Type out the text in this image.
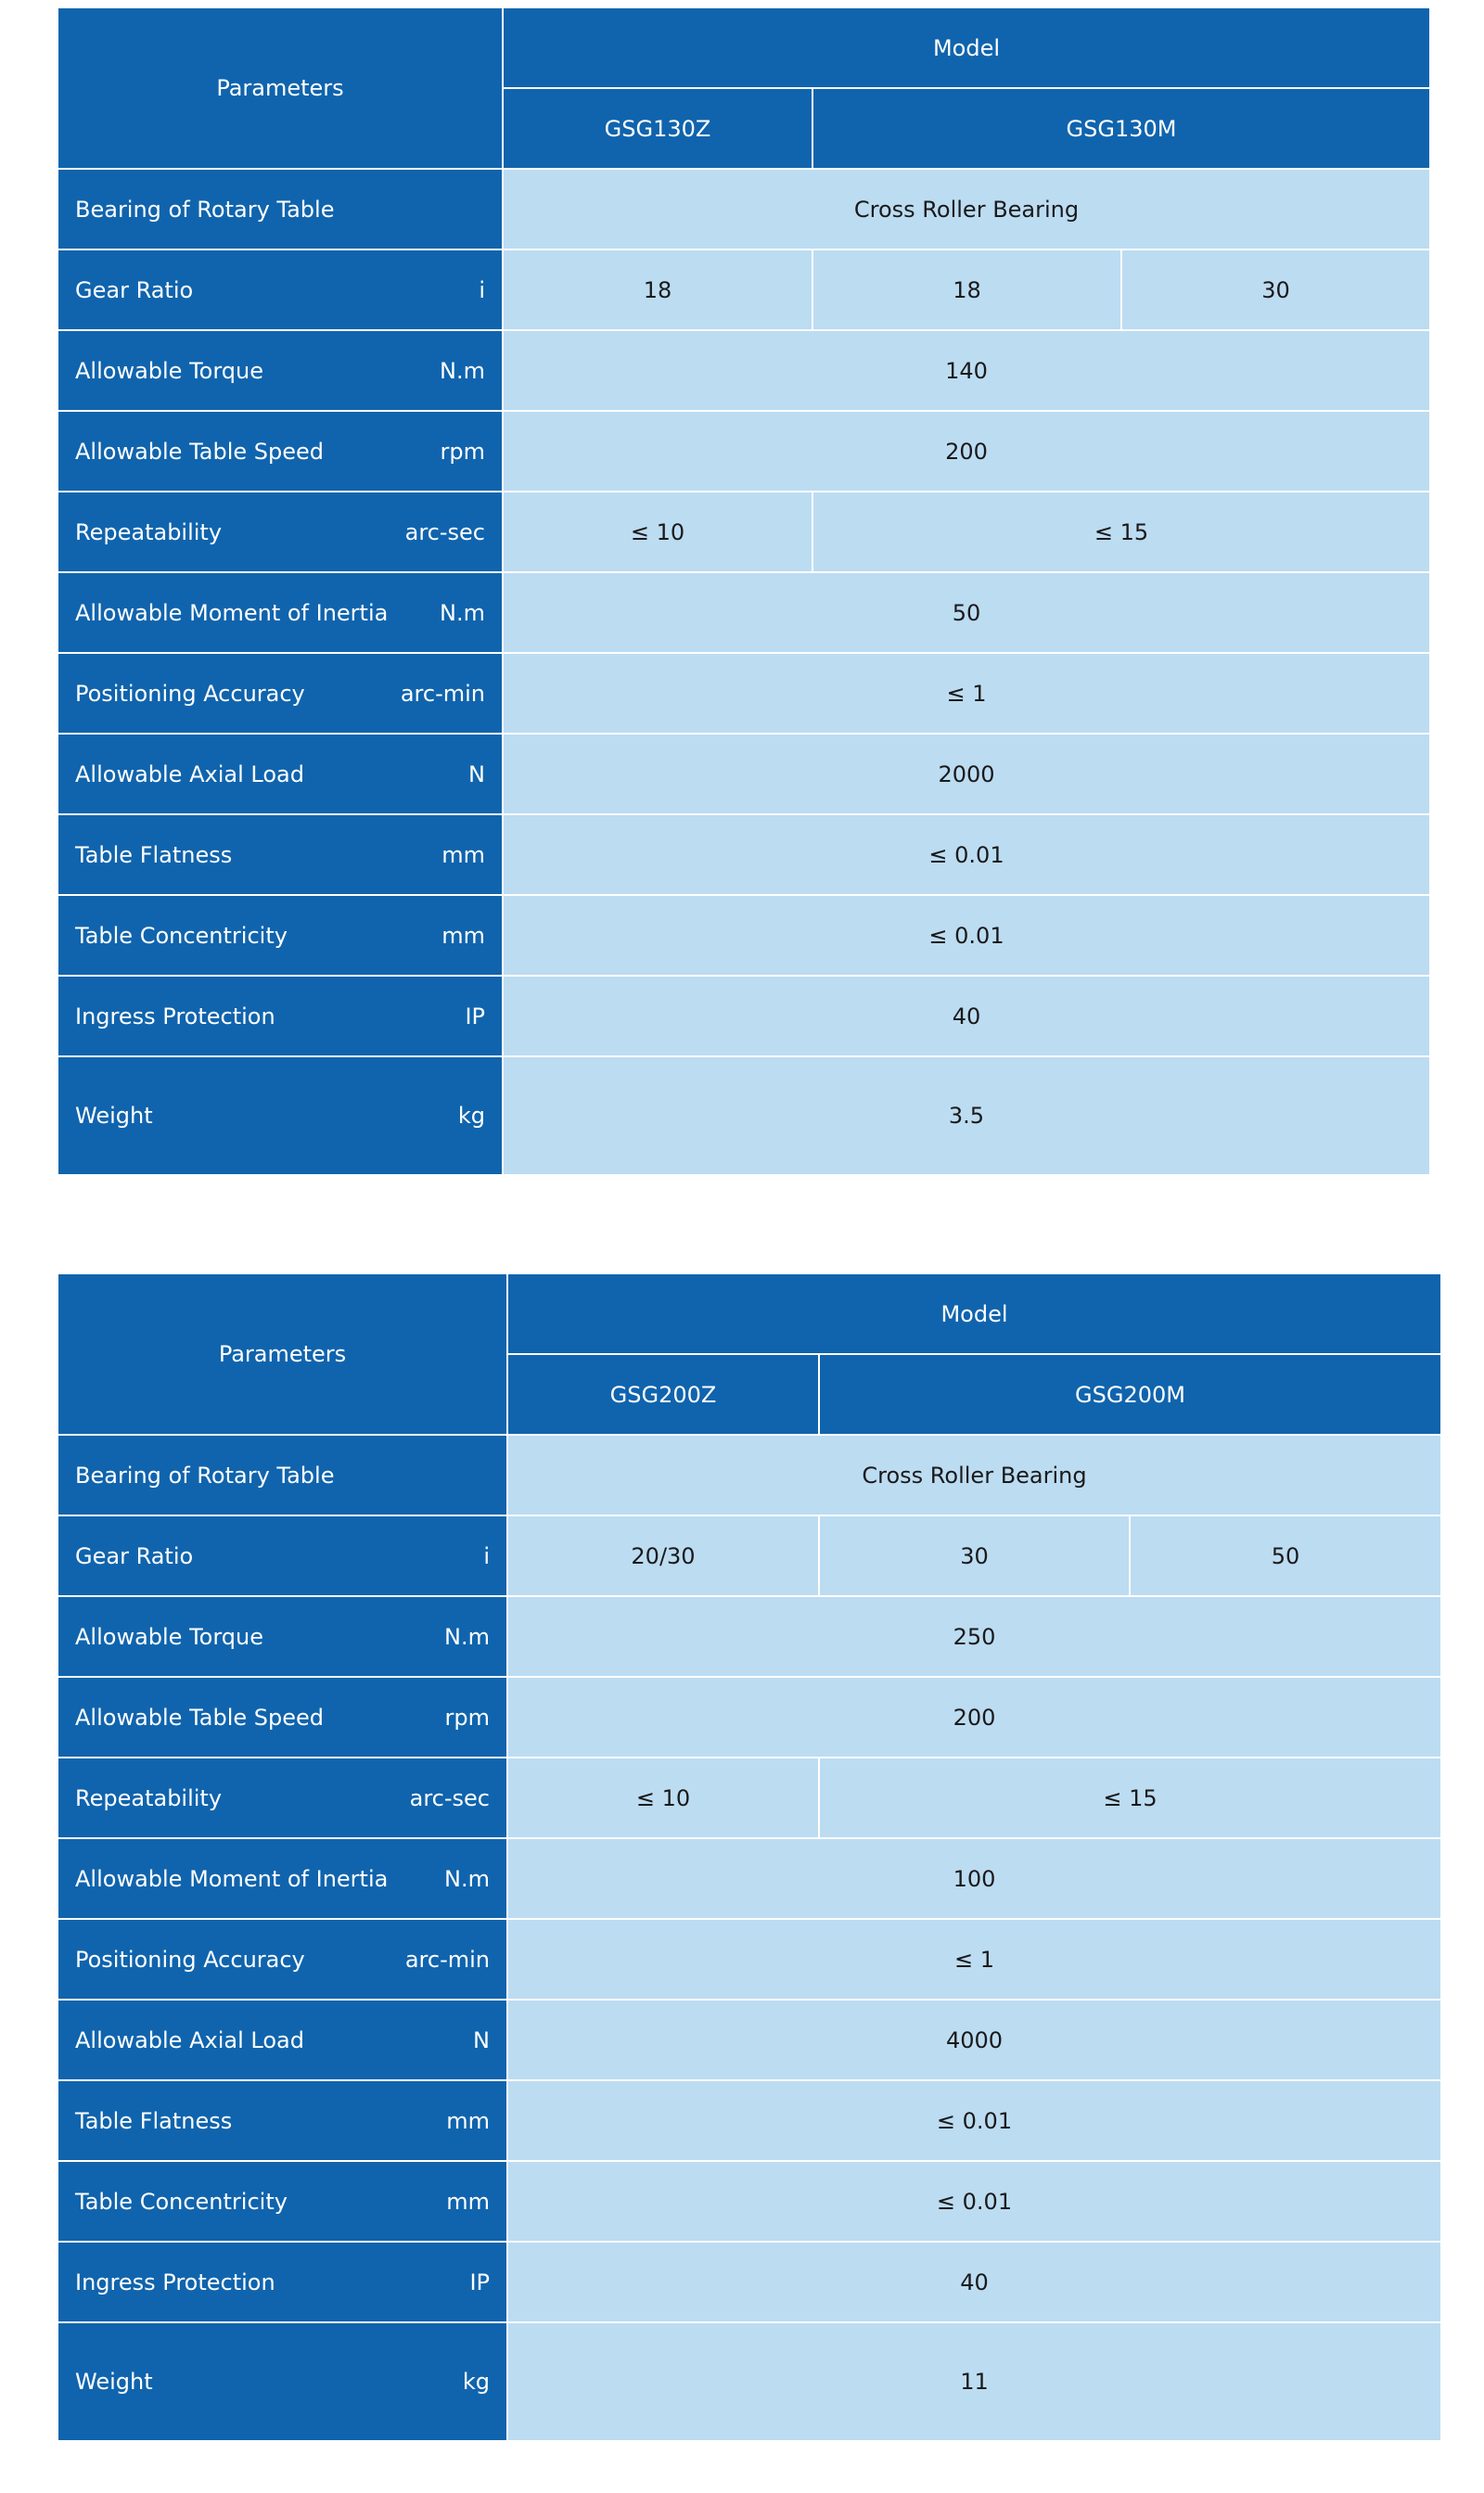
Parameters	Model		
	GSG130Z	GSG130M	

Bearing of Rotary Table	Cross Roller Bearing		

Gear Ratio i	18	18	30

Allowable Torque N.m	140		

Allowable Table Speed rpm	200		

Repeatability arc-sec	≤ 10	≤ 15	

Allowable Moment of Inertia N.m	50		

Positioning Accuracy arc-min	≤ 1		

Allowable Axial Load N	2000		

Table Flatness mm	≤ 0.01		

Table Concentricity mm	≤ 0.01		

Ingress Protection IP	40		

Weight kg	3.5		
Parameters	Model		
	GSG200Z	GSG200M	

Bearing of Rotary Table	Cross Roller Bearing		

Gear Ratio i	20/30	30	50

Allowable Torque N.m	250		

Allowable Table Speed rpm	200		

Repeatability arc-sec	≤ 10	≤ 15	

Allowable Moment of Inertia N.m	100		

Positioning Accuracy arc-min	≤ 1		

Allowable Axial Load N	4000		

Table Flatness mm	≤ 0.01		

Table Concentricity mm	≤ 0.01		

Ingress Protection IP	40		

Weight kg	11		
